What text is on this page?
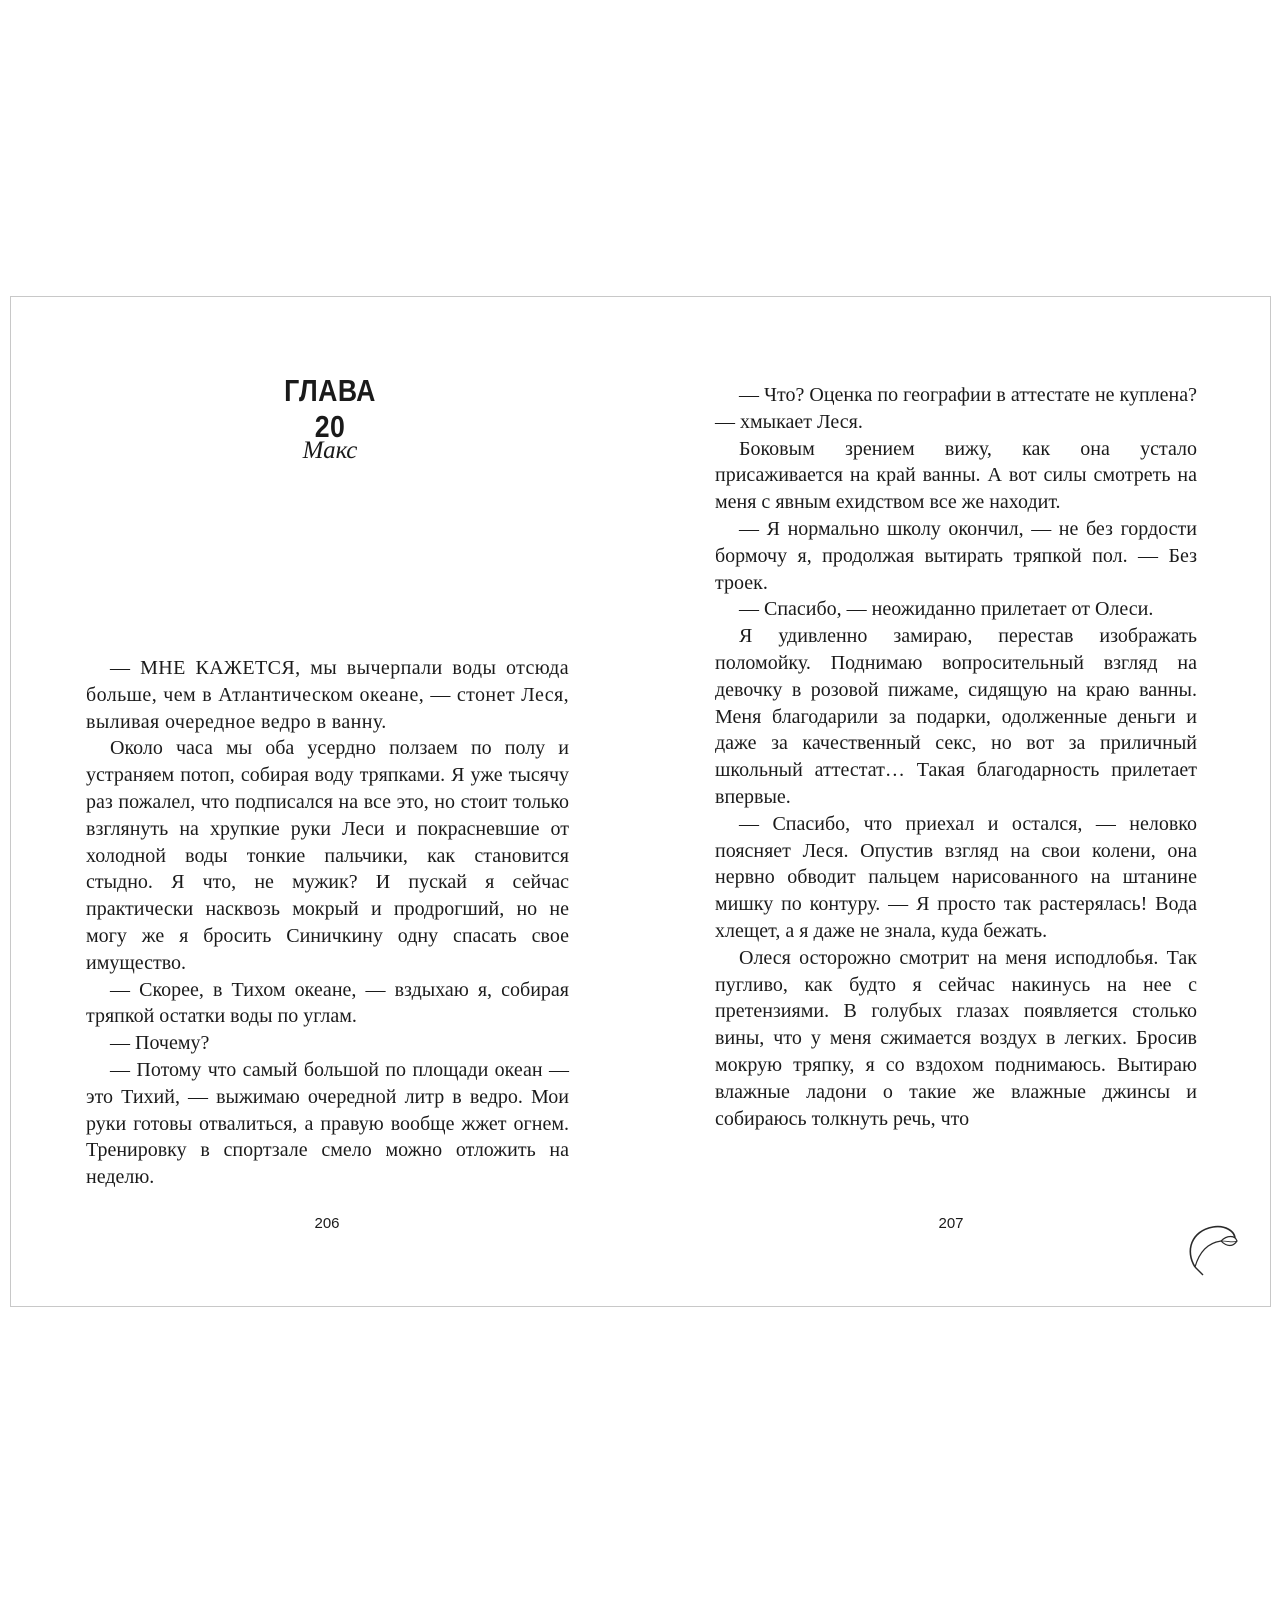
ГЛАВА 20
Макс

— МНЕ КАЖЕТСЯ, мы вычерпали воды отсюда больше, чем в Атлантическом океане, — стонет Леся, выливая очередное ведро в ванну.

Около часа мы оба усердно ползаем по полу и устраняем потоп, собирая воду тряпками. Я уже тысячу раз пожалел, что подписался на все это, но стоит только взглянуть на хрупкие руки Леси и покрасневшие от холодной воды тонкие пальчики, как становится стыдно. Я что, не мужик? И пускай я сейчас практически насквозь мокрый и продрогший, но не могу же я бросить Синичкину одну спасать свое имущество.

— Скорее, в Тихом океане, — вздыхаю я, собирая тряпкой остатки воды по углам.

— Почему?

— Потому что самый большой по площади океан — это Тихий, — выжимаю очередной литр в ведро. Мои руки готовы отвалиться, а правую вообще жжет огнем. Тренировку в спортзале смело можно отложить на неделю.

206

— Что? Оценка по географии в аттестате не куплена? — хмыкает Леся.

Боковым зрением вижу, как она устало присаживается на край ванны. А вот силы смотреть на меня с явным ехидством все же находит.

— Я нормально школу окончил, — не без гордости бормочу я, продолжая вытирать тряпкой пол. — Без троек.

— Спасибо, — неожиданно прилетает от Олеси.

Я удивленно замираю, перестав изображать поломойку. Поднимаю вопросительный взгляд на девочку в розовой пижаме, сидящую на краю ванны. Меня благодарили за подарки, одолженные деньги и даже за качественный секс, но вот за приличный школьный аттестат… Такая благодарность прилетает впервые.

— Спасибо, что приехал и остался, — неловко поясняет Леся. Опустив взгляд на свои колени, она нервно обводит пальцем нарисованного на штанине мишку по контуру. — Я просто так растерялась! Вода хлещет, а я даже не знала, куда бежать.

Олеся осторожно смотрит на меня исподлобья. Так пугливо, как будто я сейчас накинусь на нее с претензиями. В голубых глазах появляется столько вины, что у меня сжимается воздух в легких. Бросив мокрую тряпку, я со вздохом поднимаюсь. Вытираю влажные ладони о такие же влажные джинсы и собираюсь толкнуть речь, что

207
